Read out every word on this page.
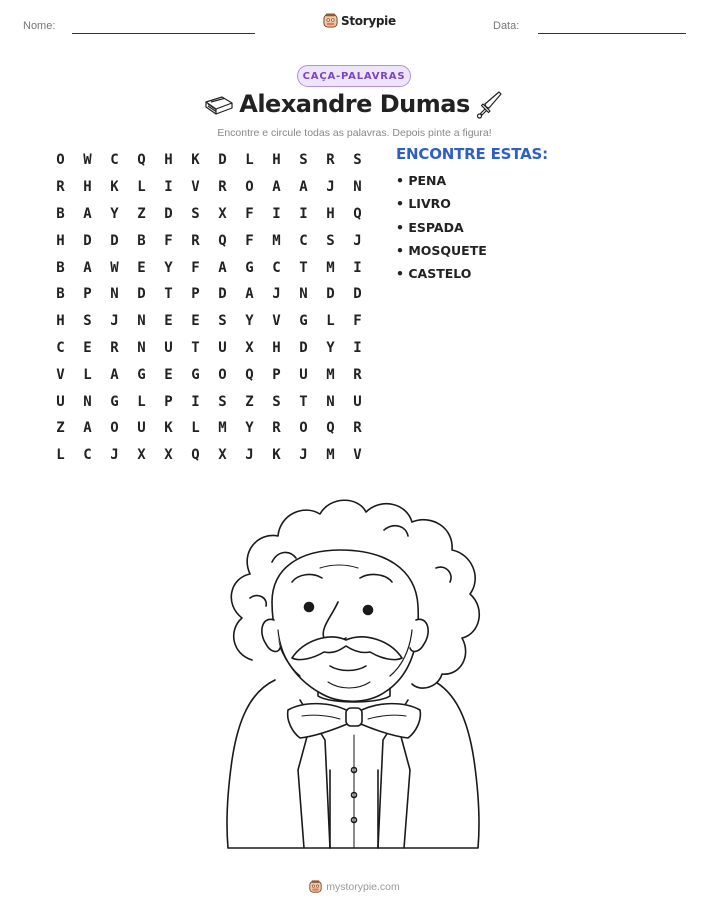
Nome:	Storypie	Data:
CAÇA-PALAVRAS
Alexandre Dumas
Encontre e circule todas as palavras. Depois pinte a figura!
O	W	C	Q	H	K	D	L	H	S	R	S
R	H	K	L	I	V	R	O	A	A	J	N
B	A	Y	Z	D	S	X	F	I	I	H	Q
H	D	D	B	F	R	Q	F	M	C	S	J
B	A	W	E	Y	F	A	G	C	T	M	I
B	P	N	D	T	P	D	A	J	N	D	D
H	S	J	N	E	E	S	Y	V	G	L	F
C	E	R	N	U	T	U	X	H	D	Y	I
V	L	A	G	E	G	O	Q	P	U	M	R
U	N	G	L	P	I	S	Z	S	T	N	U
Z	A	O	U	K	L	M	Y	R	O	Q	R
L	C	J	X	X	Q	X	J	K	J	M	V
ENCONTRE ESTAS:
• PENA
• LIVRO
• ESPADA
• MOSQUETE
• CASTELO
mystorypie.com
